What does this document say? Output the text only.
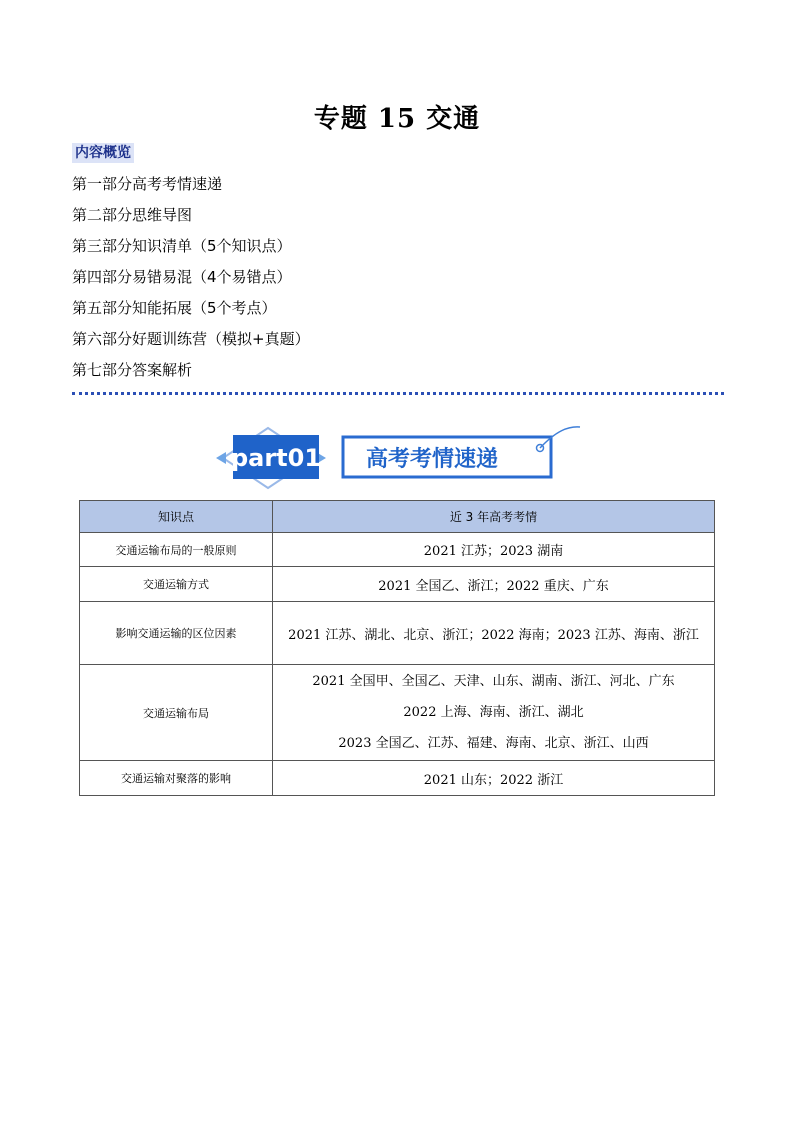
专题 15 交通
内容概览
第一部分高考考情速递
第二部分思维导图
第三部分知识清单（5个知识点）
第四部分易错易混（4个易错点）
第五部分知能拓展（5个考点）
第六部分好题训练营（模拟+真题）
第七部分答案解析
part01 高考考情速递
知识点	近 3 年高考考情
交通运输布局的一般原则	2021 江苏；2023 湖南
交通运输方式	2021 全国乙、浙江；2022 重庆、广东
影响交通运输的区位因素	2021 江苏、湖北、北京、浙江；2022 海南；2023 江苏、海南、浙江
交通运输布局	2021 全国甲、全国乙、天津、山东、湖南、浙江、河北、广东
2022 上海、海南、浙江、湖北
2023 全国乙、江苏、福建、海南、北京、浙江、山西

交通运输对聚落的影响	2021 山东；2022 浙江
